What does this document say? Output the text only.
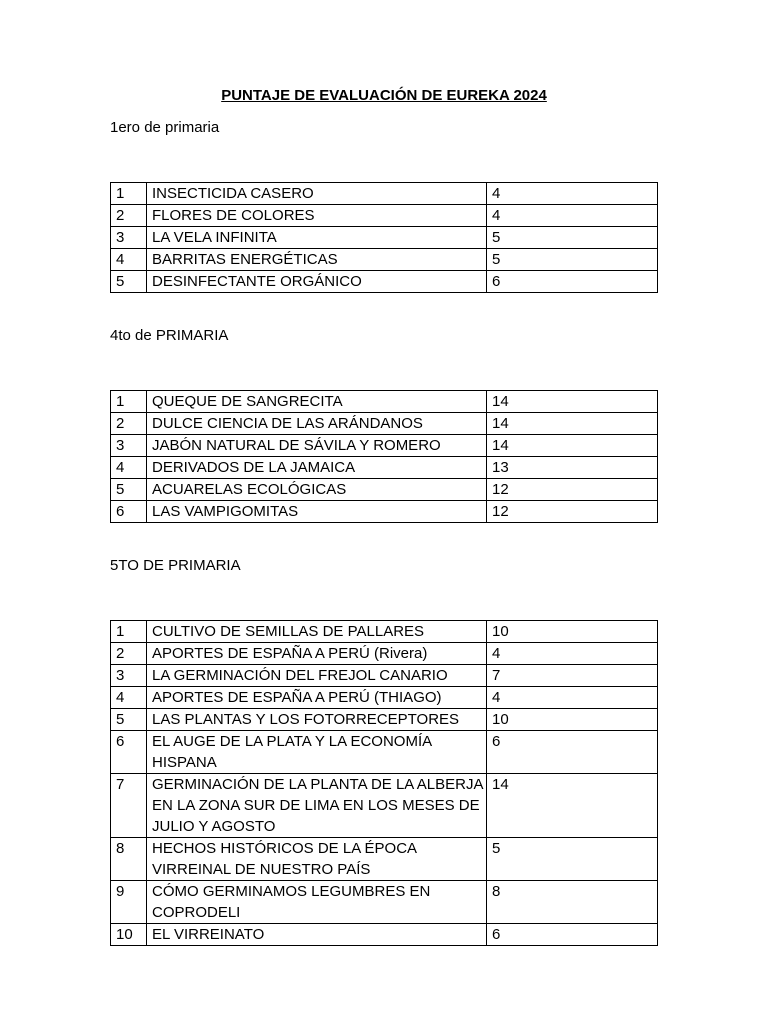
PUNTAJE DE EVALUACIÓN DE EUREKA 2024

1ero de primaria

1	INSECTICIDA CASERO	4
2	FLORES DE COLORES	4
3	LA VELA INFINITA	5
4	BARRITAS ENERGÉTICAS	5
5	DESINFECTANTE ORGÁNICO	6

4to de PRIMARIA

1	QUEQUE DE SANGRECITA	14
2	DULCE CIENCIA DE LAS ARÁNDANOS	14
3	JABÓN NATURAL DE SÁVILA Y ROMERO	14
4	DERIVADOS DE LA JAMAICA	13
5	ACUARELAS ECOLÓGICAS	12
6	LAS VAMPIGOMITAS	12

5TO DE PRIMARIA

1	CULTIVO DE SEMILLAS DE PALLARES	10
2	APORTES DE ESPAÑA A PERÚ (Rivera)	4
3	LA GERMINACIÓN DEL FREJOL CANARIO	7
4	APORTES DE ESPAÑA A PERÚ (THIAGO)	4
5	LAS PLANTAS Y LOS FOTORRECEPTORES	10
6	EL AUGE DE LA PLATA Y LA ECONOMÍA HISPANA	6
7	GERMINACIÓN DE LA PLANTA DE LA ALBERJA EN LA ZONA SUR DE LIMA EN LOS MESES DE JULIO Y AGOSTO	14
8	HECHOS HISTÓRICOS DE LA ÉPOCA VIRREINAL DE NUESTRO PAÍS	5
9	CÓMO GERMINAMOS LEGUMBRES EN COPRODELI	8
10	EL VIRREINATO	6
